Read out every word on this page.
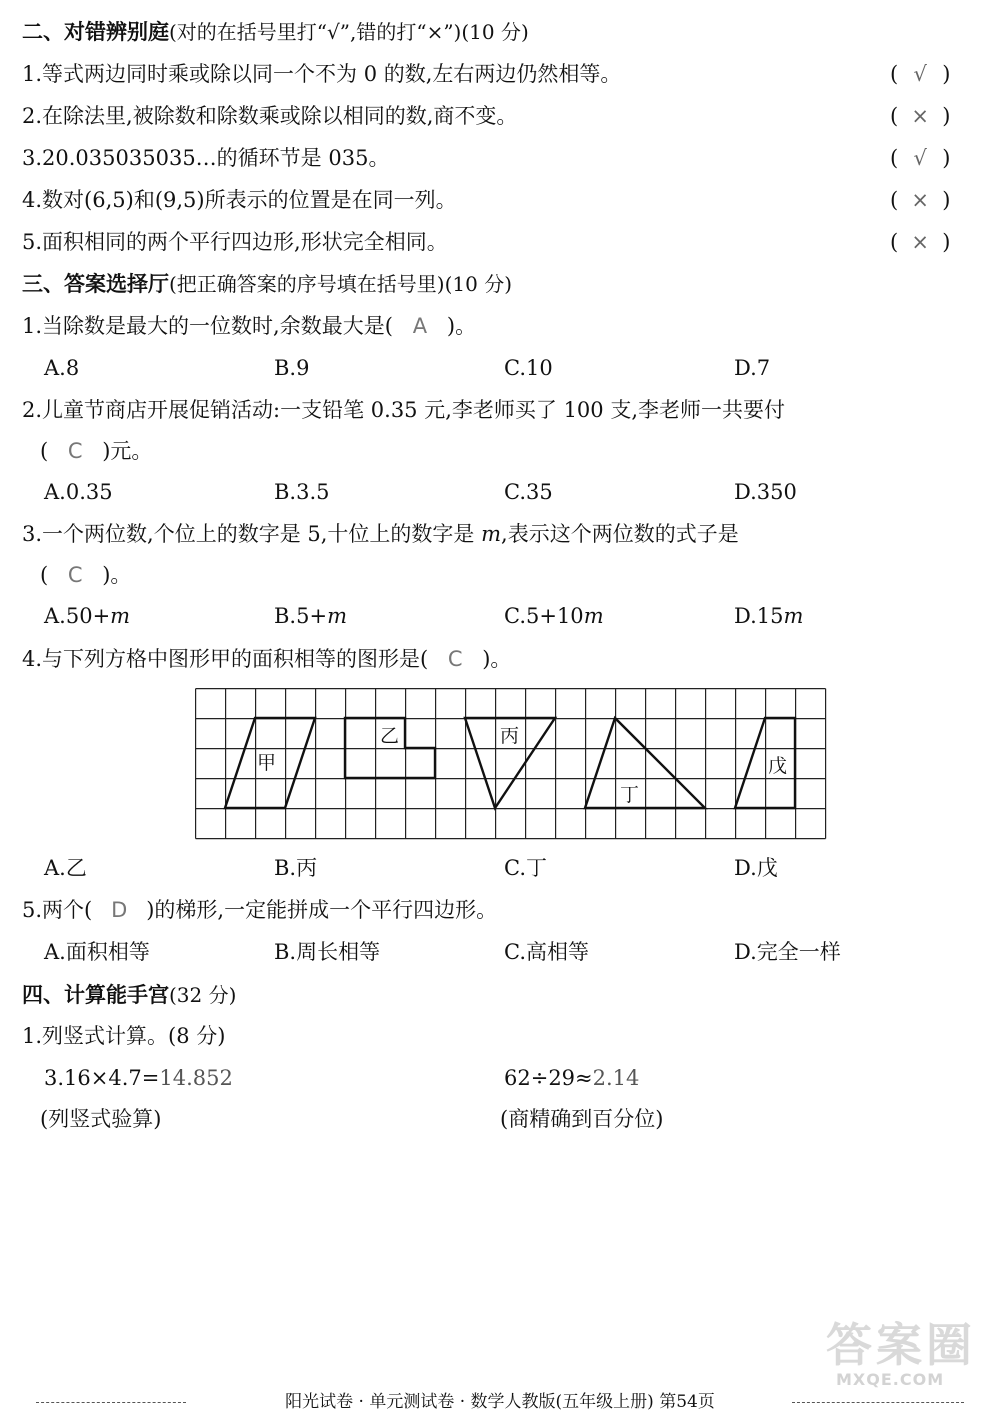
二、对错辨别庭(对的在括号里打“√”,错的打“×”)(10 分)
1.等式两边同时乘或除以同一个不为 0 的数,左右两边仍然相等。	( √ )
2.在除法里,被除数和除数乘或除以相同的数,商不变。	( × )
3.20.035035035…的循环节是 035。	( √ )
4.数对(6,5)和(9,5)所表示的位置是在同一列。	( × )
5.面积相同的两个平行四边形,形状完全相同。	( × )
三、答案选择厅(把正确答案的序号填在括号里)(10 分)
1.当除数是最大的一位数时,余数最大是( A )。
A.8	B.9	C.10	D.7
2.儿童节商店开展促销活动:一支铅笔 0.35 元,李老师买了 100 支,李老师一共要付
( C )元。
A.0.35	B.3.5	C.35	D.350
3.一个两位数,个位上的数字是 5,十位上的数字是 m,表示这个两位数的式子是
( C )。
A.50+m	B.5+m	C.5+10m	D.15m
4.与下列方格中图形甲的面积相等的图形是( C )。
甲
乙	丙
丁
戊
A.乙	B.丙	C.丁	D.戊
5.两个( D )的梯形,一定能拼成一个平行四边形。
A.面积相等	B.周长相等	C.高相等	D.完全一样
四、计算能手宫(32 分)
1.列竖式计算。(8 分)
3.16×4.7=14.852	62÷29≈2.14
(列竖式验算)	(商精确到百分位)
答案圈
MXQE.COM
阳光试卷 · 单元测试卷 · 数学人教版(五年级上册) 第54页
